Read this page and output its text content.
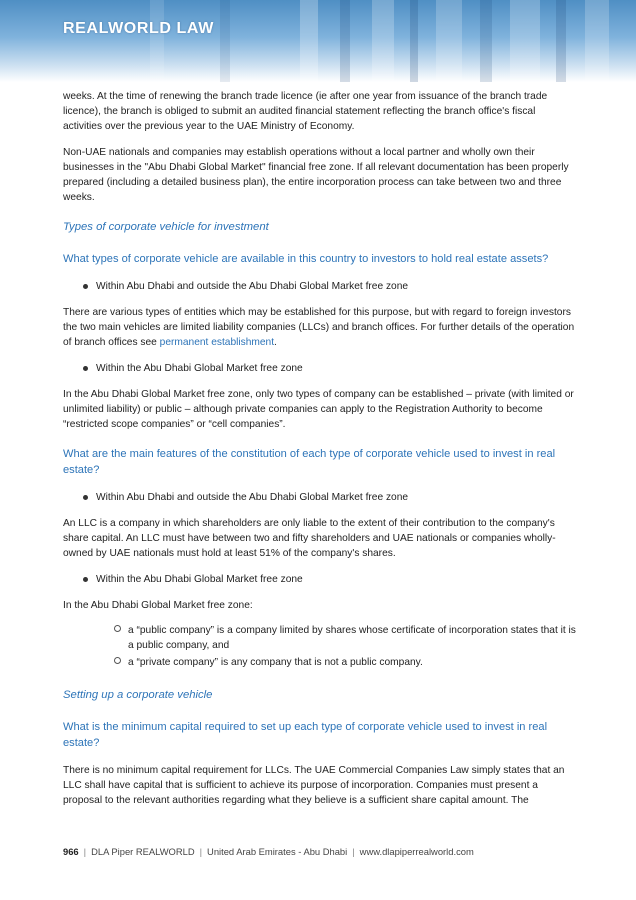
REALWORLD LAW

weeks. At the time of renewing the branch trade licence (ie after one year from issuance of the branch trade licence), the branch is obliged to submit an audited financial statement reflecting the branch office's fiscal activities over the previous year to the UAE Ministry of Economy.

Non-UAE nationals and companies may establish operations without a local partner and wholly own their businesses in the "Abu Dhabi Global Market" financial free zone. If all relevant documentation has been properly prepared (including a detailed business plan), the entire incorporation process can take between two and three weeks.

Types of corporate vehicle for investment
What types of corporate vehicle are available in this country to investors to hold real estate assets?
Within Abu Dhabi and outside the Abu Dhabi Global Market free zone

There are various types of entities which may be established for this purpose, but with regard to foreign investors the two main vehicles are limited liability companies (LLCs) and branch offices. For further details of the operation of branch offices see permanent establishment.

Within the Abu Dhabi Global Market free zone

In the Abu Dhabi Global Market free zone, only two types of company can be established – private (with limited or unlimited liability) or public – although private companies can apply to the Registration Authority to become “restricted scope companies” or “cell companies”.

What are the main features of the constitution of each type of corporate vehicle used to invest in real estate?
Within Abu Dhabi and outside the Abu Dhabi Global Market free zone

An LLC is a company in which shareholders are only liable to the extent of their contribution to the company's share capital. An LLC must have between two and fifty shareholders and UAE nationals or companies wholly-owned by UAE nationals must hold at least 51% of the company's shares.

Within the Abu Dhabi Global Market free zone

In the Abu Dhabi Global Market free zone:

a “public company” is a company limited by shares whose certificate of incorporation states that it is a public company, and
a “private company” is any company that is not a public company.
Setting up a corporate vehicle
What is the minimum capital required to set up each type of corporate vehicle used to invest in real estate?

There is no minimum capital requirement for LLCs. The UAE Commercial Companies Law simply states that an LLC shall have capital that is sufficient to achieve its purpose of incorporation. Companies must present a proposal to the relevant authorities regarding what they believe is a sufficient share capital amount. The

966 | DLA Piper REALWORLD | United Arab Emirates - Abu Dhabi | www.dlapiperrealworld.com
